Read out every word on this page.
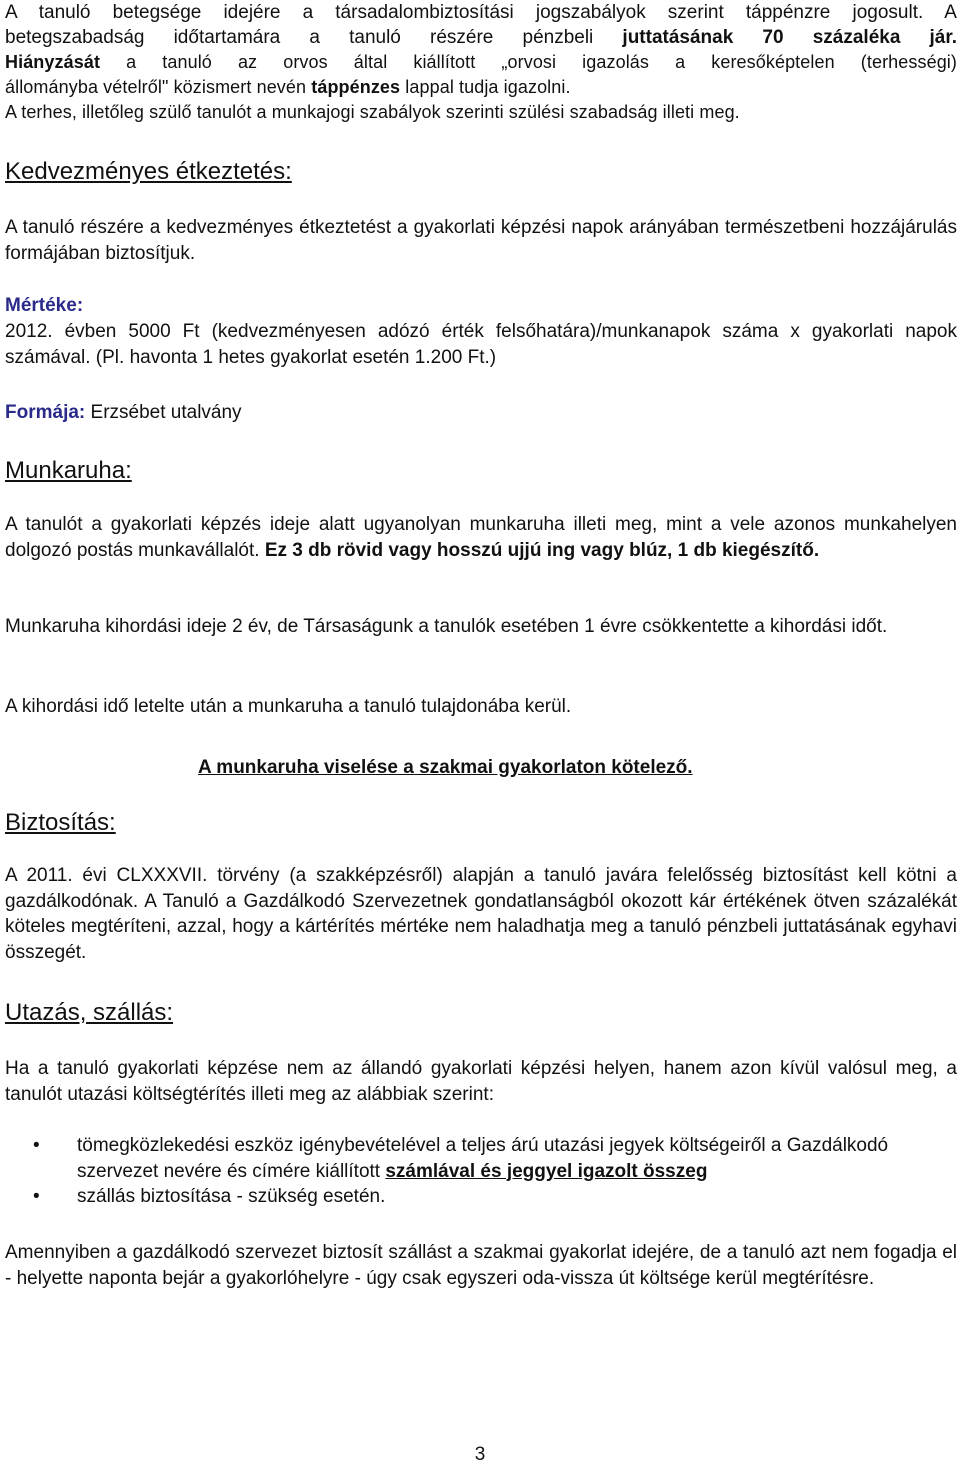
A tanuló betegsége idejére a társadalombiztosítási jogszabályok szerint táppénzre jogosult. A

betegszabadság időtartamára a tanuló részére pénzbeli juttatásának 70 százaléka jár.

Hiányzását a tanuló az orvos által kiállított „orvosi igazolás a keresőképtelen (terhességi)

állományba vételről" közismert nevén táppénzes lappal tudja igazolni.

A terhes, illetőleg szülő tanulót a munkajogi szabályok szerinti szülési szabadság illeti meg.

Kedvezményes étkeztetés:

A tanuló részére a kedvezményes étkeztetést a gyakorlati képzési napok arányában természetbeni hozzájárulás formájában biztosítjuk.

Mértéke:

2012. évben 5000 Ft (kedvezményesen adózó érték felsőhatára)/munkanapok száma x gyakorlati napok számával. (Pl. havonta 1 hetes gyakorlat esetén 1.200 Ft.)

Formája: Erzsébet utalvány

Munkaruha:

A tanulót a gyakorlati képzés ideje alatt ugyanolyan munkaruha illeti meg, mint a vele azonos munkahelyen dolgozó postás munkavállalót. Ez 3 db rövid vagy hosszú ujjú ing vagy blúz, 1 db kiegészítő.

Munkaruha kihordási ideje 2 év, de Társaságunk a tanulók esetében 1 évre csökkentette a kihordási időt.

A kihordási idő letelte után a munkaruha a tanuló tulajdonába kerül.

A munkaruha viselése a szakmai gyakorlaton kötelező.

Biztosítás:

A 2011. évi CLXXXVII. törvény (a szakképzésről) alapján a tanuló javára felelősség biztosítást kell kötni a gazdálkodónak. A Tanuló a Gazdálkodó Szervezetnek gondatlanságból okozott kár értékének ötven százalékát köteles megtéríteni, azzal, hogy a kártérítés mértéke nem haladhatja meg a tanuló pénzbeli juttatásának egyhavi összegét.

Utazás, szállás:

Ha a tanuló gyakorlati képzése nem az állandó gyakorlati képzési helyen, hanem azon kívül valósul meg, a tanulót utazási költségtérítés illeti meg az alábbiak szerint:

• tömegközlekedési eszköz igénybevételével a teljes árú utazási jegyek költségeiről a Gazdálkodó szervezet nevére és címére kiállított számlával és jeggyel igazolt összeg
• szállás biztosítása - szükség esetén.

Amennyiben a gazdálkodó szervezet biztosít szállást a szakmai gyakorlat idejére, de a tanuló azt nem fogadja el - helyette naponta bejár a gyakorlóhelyre - úgy csak egyszeri oda-vissza út költsége kerül megtérítésre.

3
